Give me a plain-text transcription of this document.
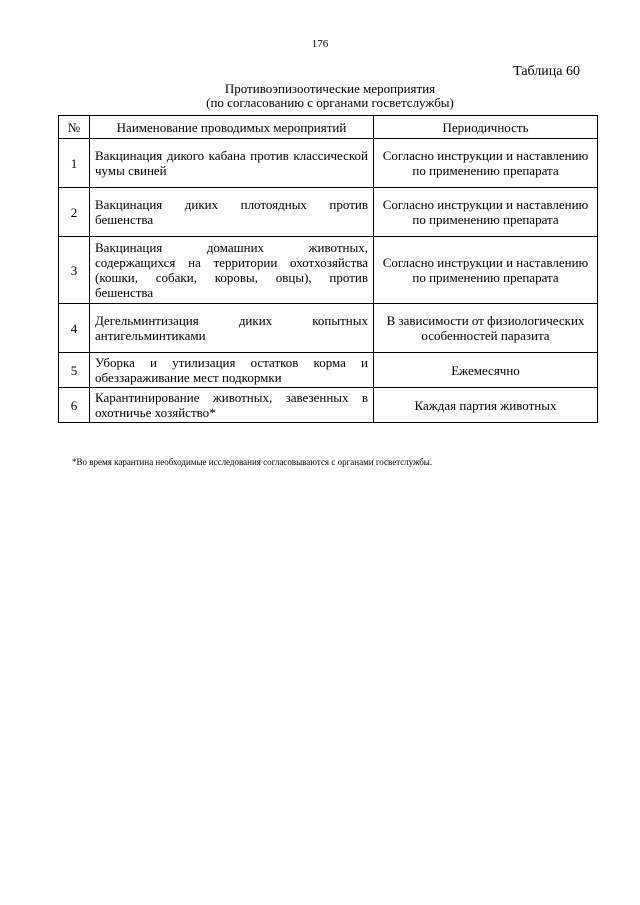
176
Таблица 60
Противоэпизоотические мероприятия
(по согласованию с органами госветслужбы)
№	Наименование проводимых мероприятий	Периодичность
1	Вакцинация дикого кабана против классической чумы свиней	Согласно инструкции и наставлению по применению препарата
2	Вакцинация диких плотоядных против бешенства	Согласно инструкции и наставлению по применению препарата
3	Вакцинация домашних животных, содержащихся на территории охотхозяйства (кошки, собаки, коровы, овцы), против бешенства	Согласно инструкции и наставлению по применению препарата
4	Дегельминтизация диких копытных антигельминтиками	В зависимости от физиологических особенностей паразита
5	Уборка и утилизация остатков корма и обеззараживание мест подкормки	Ежемесячно
6	Карантинирование животных, завезенных в охотничье хозяйство*	Каждая партия животных
*Во время карантина необходимые исследования согласовываются с органами госветслужбы.
